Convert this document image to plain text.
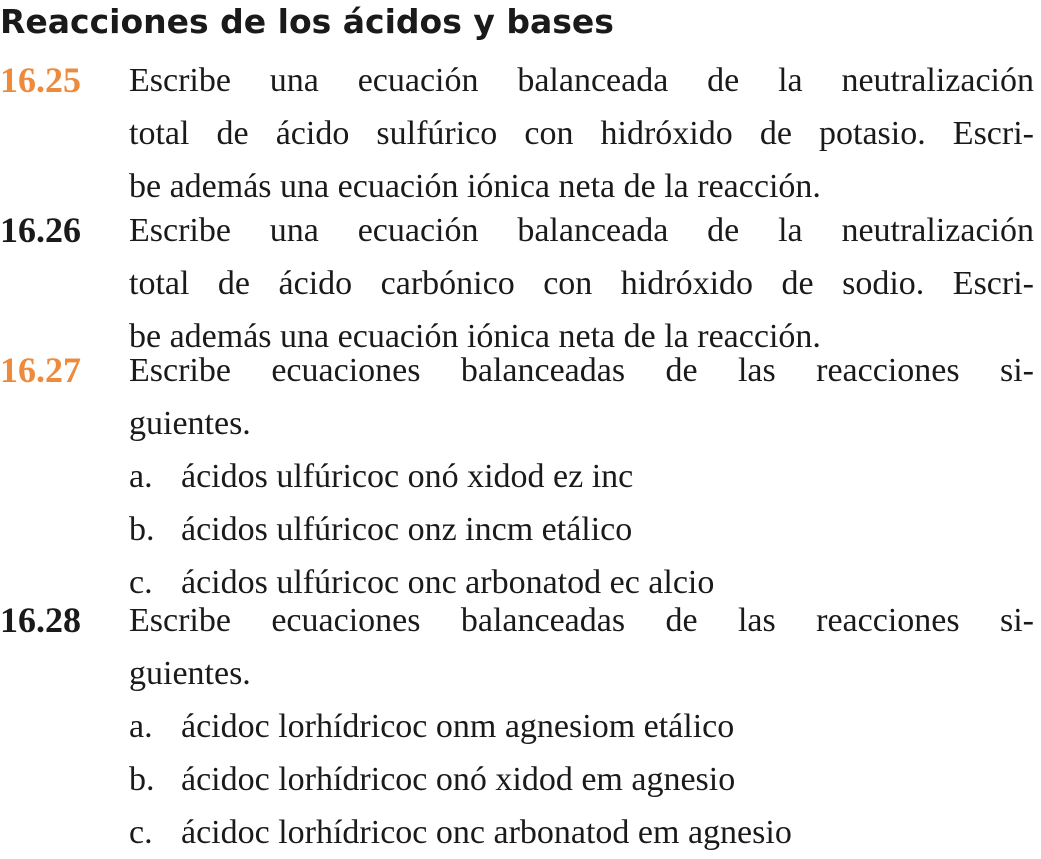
Reacciones de los ácidos y bases
16.25 Escribe una ecuación balanceada de la neutralización
total de ácido sulfúrico con hidróxido de potasio. Escri-
be además una ecuación iónica neta de la reacción.
16.26 Escribe una ecuación balanceada de la neutralización
total de ácido carbónico con hidróxido de sodio. Escri-
be además una ecuación iónica neta de la reacción.
16.27 Escribe ecuaciones balanceadas de las reacciones si-
guientes.
a. ácidos ulfúricoc onó xidod ez inc
b. ácidos ulfúricoc onz incm etálico
c. ácidos ulfúricoc onc arbonatod ec alcio
16.28 Escribe ecuaciones balanceadas de las reacciones si-
guientes.
a. ácidoc lorhídricoc onm agnesiom etálico
b. ácidoc lorhídricoc onó xidod em agnesio
c. ácidoc lorhídricoc onc arbonatod em agnesio
